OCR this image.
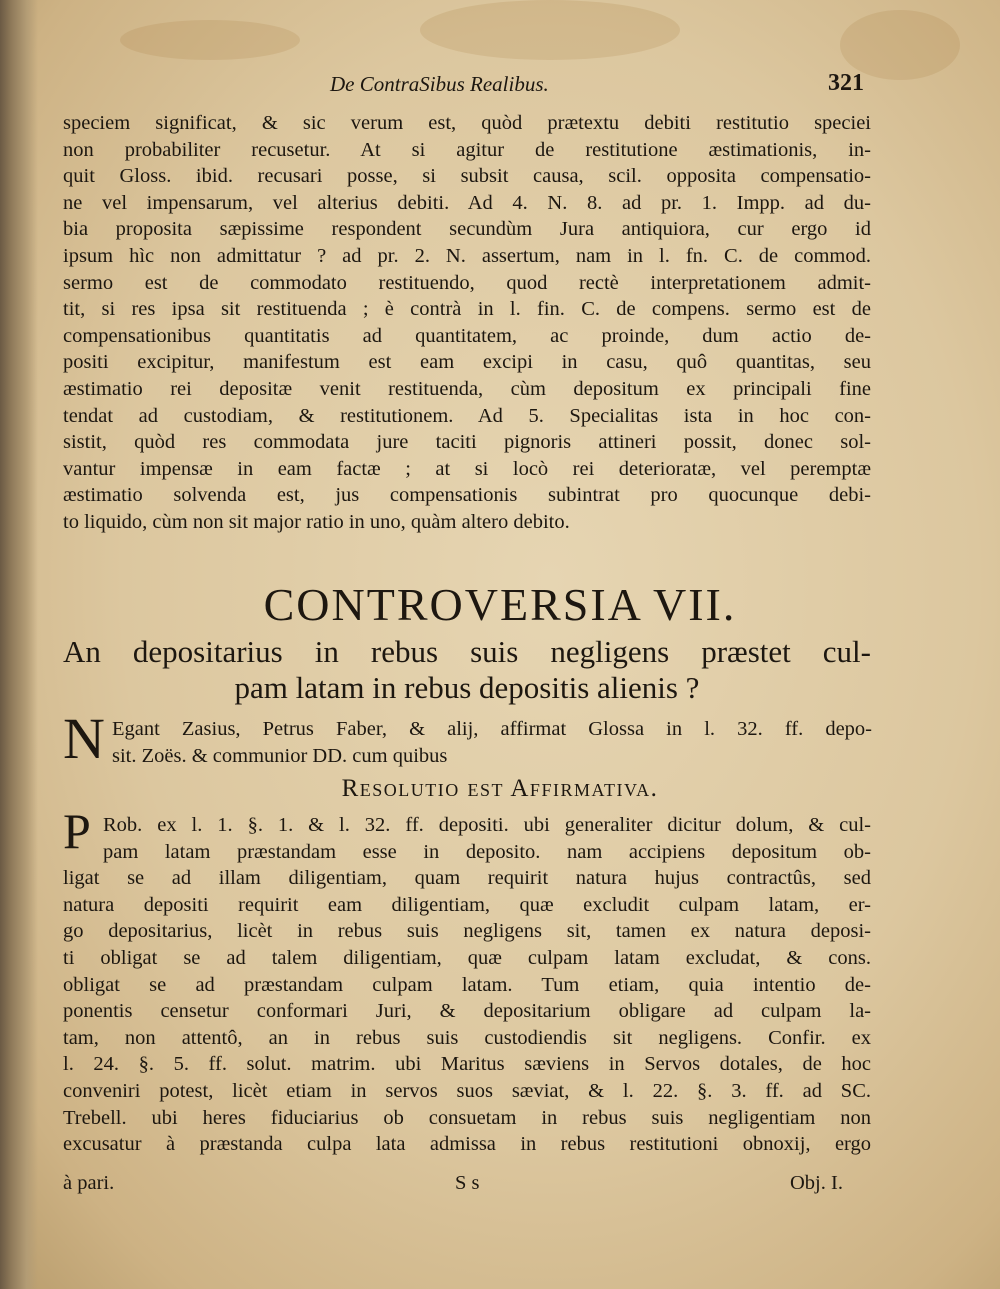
De ContraSibus Realibus.	321
speciem significat, & sic verum est, quòd prætextu debiti restitutio speciei
non probabiliter recusetur. At si agitur de restitutione æstimationis, in-
quit Gloss. ibid. recusari posse, si subsit causa, scil. opposita compensatio-
ne vel impensarum, vel alterius debiti. Ad 4. N. 8. ad pr. 1. Impp. ad du-
bia proposita sæpissime respondent secundùm Jura antiquiora, cur ergo id
ipsum hìc non admittatur ? ad pr. 2. N. assertum, nam in l. fn. C. de commod.
sermo est de commodato restituendo, quod rectè interpretationem admit-
tit, si res ipsa sit restituenda ; è contrà in l. fin. C. de compens. sermo est de
compensationibus quantitatis ad quantitatem, ac proinde, dum actio de-
positi excipitur, manifestum est eam excipi in casu, quô quantitas, seu
æstimatio rei depositæ venit restituenda, cùm depositum ex principali fine
tendat ad custodiam, & restitutionem. Ad 5. Specialitas ista in hoc con-
sistit, quòd res commodata jure taciti pignoris attineri possit, donec sol-
vantur impensæ in eam factæ ; at si locò rei deterioratæ, vel peremptæ
æstimatio solvenda est, jus compensationis subintrat pro quocunque debi-
to liquido, cùm non sit major ratio in uno, quàm altero debito.
CONTROVERSIA VII.
An depositarius in rebus suis negligens præstet cul-
pam latam in rebus depositis alienis ?
N Egant Zasius, Petrus Faber, & alij, affirmat Glossa in l. 32. ff. depo-
sit. Zoës. & communior DD. cum quibus
Resolutio est Affirmativa.
P Rob. ex l. 1. §. 1. & l. 32. ff. depositi. ubi generaliter dicitur dolum, & cul-
pam latam præstandam esse in deposito. nam accipiens depositum ob-
ligat se ad illam diligentiam, quam requirit natura hujus contractûs, sed
natura depositi requirit eam diligentiam, quæ excludit culpam latam, er-
go depositarius, licèt in rebus suis negligens sit, tamen ex natura deposi-
ti obligat se ad talem diligentiam, quæ culpam latam excludat, & cons.
obligat se ad præstandam culpam latam. Tum etiam, quia intentio de-
ponentis censetur conformari Juri, & depositarium obligare ad culpam la-
tam, non attentô, an in rebus suis custodiendis sit negligens. Confir. ex
l. 24. §. 5. ff. solut. matrim. ubi Maritus sæviens in Servos dotales, de hoc
conveniri potest, licèt etiam in servos suos sæviat, & l. 22. §. 3. ff. ad SC.
Trebell. ubi heres fiduciarius ob consuetam in rebus suis negligentiam non
excusatur à præstanda culpa lata admissa in rebus restitutioni obnoxij, ergo
à pari.	S s	Obj. I.
